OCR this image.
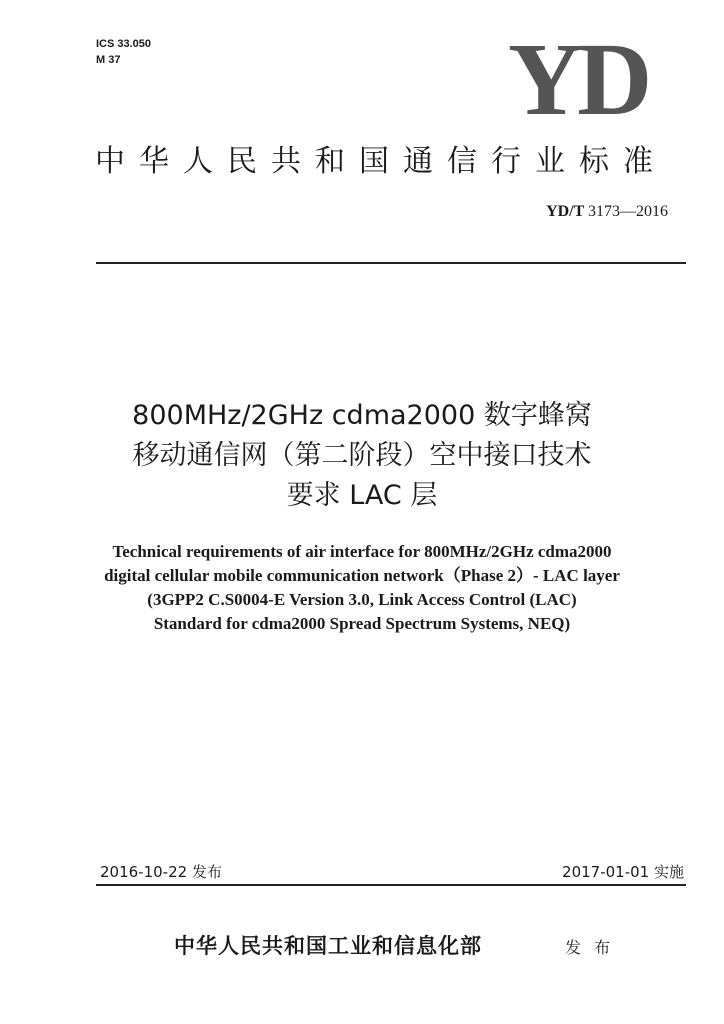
ICS 33.050
M 37	YD
中华人民共和国通信行业标准
YD/T 3173—2016
800MHz/2GHz cdma2000 数字蜂窝
移动通信网（第二阶段）空中接口技术
要求 LAC 层
Technical requirements of air interface for 800MHz/2GHz cdma2000
digital cellular mobile communication network（Phase 2）- LAC layer
(3GPP2 C.S0004-E Version 3.0, Link Access Control (LAC)
Standard for cdma2000 Spread Spectrum Systems, NEQ)
2016-10-22 发布	2017-01-01 实施
中华人民共和国工业和信息化部	发 布
